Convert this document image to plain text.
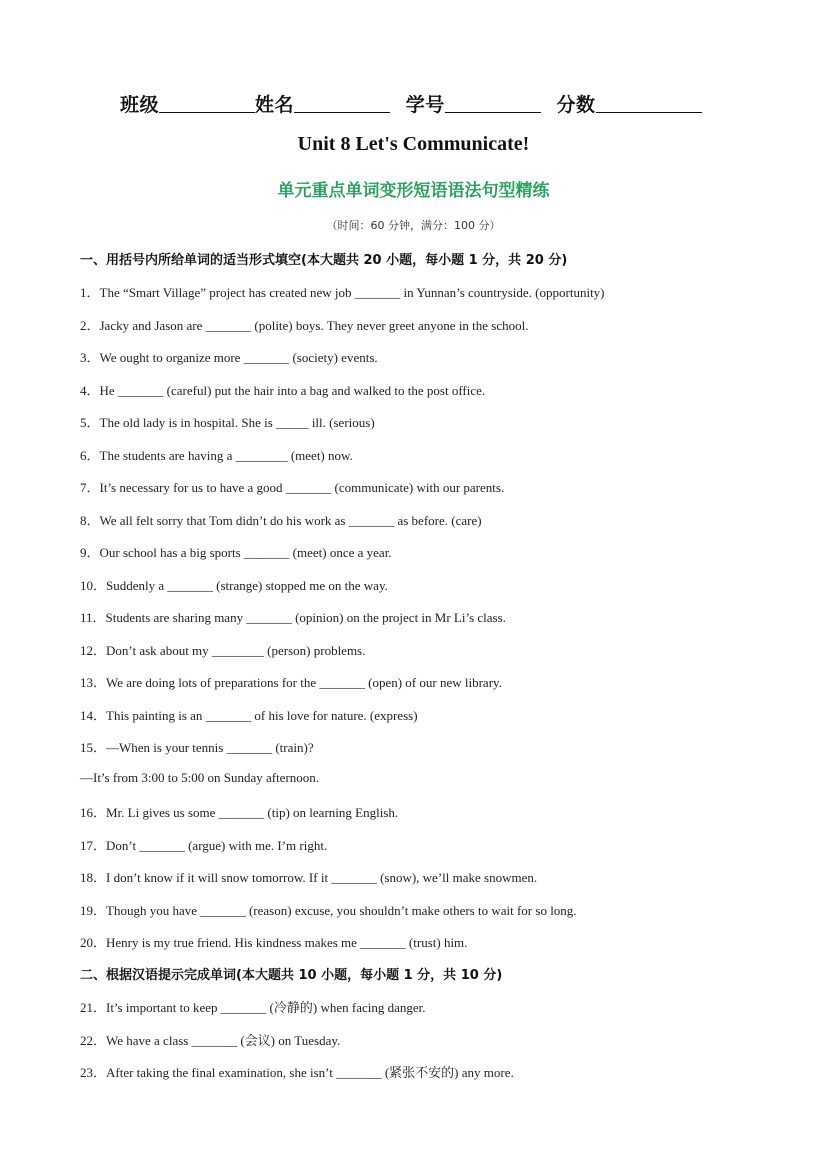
班级	姓名	学号	分数
Unit 8 Let's Communicate!
单元重点单词变形短语语法句型精练
（时间：60 分钟，满分：100 分）
一、用括号内所给单词的适当形式填空(本大题共 20 小题，每小题 1 分，共 20 分)
1．The “Smart Village” project has created new job _______ in Yunnan’s countryside. (opportunity)
2．Jacky and Jason are _______ (polite) boys. They never greet anyone in the school.
3．We ought to organize more _______ (society) events.
4．He _______ (careful) put the hair into a bag and walked to the post office.
5．The old lady is in hospital. She is _____ ill. (serious)
6．The students are having a ________ (meet) now.
7．It’s necessary for us to have a good _______ (communicate) with our parents.
8．We all felt sorry that Tom didn’t do his work as _______ as before. (care)
9．Our school has a big sports _______ (meet) once a year.
10．Suddenly a _______ (strange) stopped me on the way.
11．Students are sharing many _______ (opinion) on the project in Mr Li’s class.
12．Don’t ask about my ________ (person) problems.
13．We are doing lots of preparations for the _______ (open) of our new library.
14．This painting is an _______ of his love for nature. (express)
15．—When is your tennis _______ (train)?
—It’s from 3:00 to 5:00 on Sunday afternoon.
16．Mr. Li gives us some _______ (tip) on learning English.
17．Don’t _______ (argue) with me. I’m right.
18．I don’t know if it will snow tomorrow. If it _______ (snow), we’ll make snowmen.
19．Though you have _______ (reason) excuse, you shouldn’t make others to wait for so long.
20．Henry is my true friend. His kindness makes me _______ (trust) him.
二、根据汉语提示完成单词(本大题共 10 小题，每小题 1 分，共 10 分)
21．It’s important to keep _______ (冷静的) when facing danger.
22．We have a class _______ (会议) on Tuesday.
23．After taking the final examination, she isn’t _______ (紧张不安的) any more.
